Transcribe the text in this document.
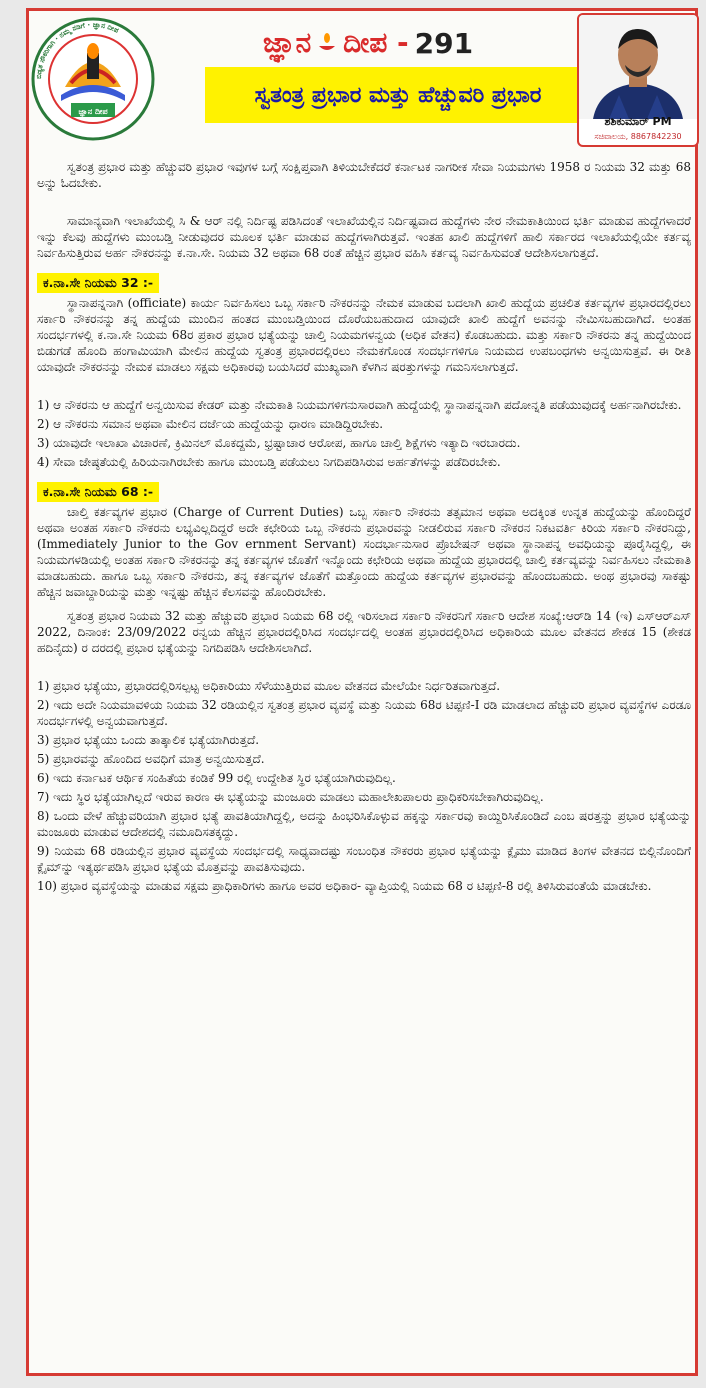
ಜ್ಞಾನ ದೀಪ
ಬಿಡ್ಯತ ನೌಕರಿಗಾಗಿ · ನಮ್ಮ ನಡಿಗೆ · ಜ್ಞಾನ ದೀಪ	ಜ್ಞಾನ ದೀಪ - 291
ಸ್ವತಂತ್ರ ಪ್ರಭಾರ ಮತ್ತು ಹೆಚ್ಚುವರಿ ಪ್ರಭಾರ
ಶಶಿಕುಮಾರ್ PM
ಸಚಿವಾಲಯ, 8867842230

ಸ್ವತಂತ್ರ ಪ್ರಭಾರ ಮತ್ತು ಹೆಚ್ಚುವರಿ ಪ್ರಭಾರ ಇವುಗಳ ಬಗ್ಗೆ ಸಂಕ್ಷಿಪ್ತವಾಗಿ ತಿಳಿಯಬೇಕೆದರೆ ಕರ್ನಾಟಕ ನಾಗರೀಕ ಸೇವಾ ನಿಯಮಗಳು 1958 ರ ನಿಯಮ 32 ಮತ್ತು 68 ಅನ್ನು ಓದಬೇಕು.

ಸಾಮಾನ್ಯವಾಗಿ ಇಲಾಖೆಯಲ್ಲಿ ಸಿ & ಆರ್ ನಲ್ಲಿ ನಿರ್ದಿಷ್ಟ ಪಡಿಸಿದಂತೆ ಇಲಾಖೆಯಲ್ಲಿನ ನಿರ್ದಿಷ್ಟವಾದ ಹುದ್ದೆಗಳು ನೇರ ನೇಮಕಾತಿಯಿಂದ ಭರ್ತಿ ಮಾಡುವ ಹುದ್ದೆಗಳಾದರೆ ಇನ್ನು ಕೆಲವು ಹುದ್ದೆಗಳು ಮುಂಬಡ್ತಿ ನೀಡುವುದರ ಮೂಲಕ ಭರ್ತಿ ಮಾಡುವ ಹುದ್ದೆಗಳಾಗಿರುತ್ತವೆ. ಇಂತಹ ಖಾಲಿ ಹುದ್ದೆಗಳಿಗೆ ಹಾಲಿ ಸರ್ಕಾರದ ಇಲಾಖೆಯಲ್ಲಿಯೇ ಕರ್ತವ್ಯ ನಿರ್ವಹಿಸುತ್ತಿರುವ ಅರ್ಹ ನೌಕರನನ್ನು ಕ.ನಾ.ಸೇ. ನಿಯಮ 32 ಅಥವಾ 68 ರಂತೆ ಹೆಚ್ಚಿನ ಪ್ರಭಾರ ವಹಿಸಿ ಕರ್ತವ್ಯ ನಿರ್ವಹಿಸುವಂತೆ ಆದೇಶಿಸಲಾಗುತ್ತದೆ.

ಕ.ನಾ.ಸೇ ನಿಯಮ 32 :-

ಸ್ಥಾನಾಪನ್ನನಾಗಿ (officiate) ಕಾರ್ಯ ನಿರ್ವಹಿಸಲು ಒಬ್ಬ ಸರ್ಕಾರಿ ನೌಕರನನ್ನು ನೇಮಕ ಮಾಡುವ ಬದಲಾಗಿ ಖಾಲಿ ಹುದ್ದೆಯ ಪ್ರಚಲಿತ ಕರ್ತವ್ಯಗಳ ಪ್ರಭಾರದಲ್ಲಿರಲು ಸರ್ಕಾರಿ ನೌಕರನನ್ನು ತನ್ನ ಹುದ್ದೆಯ ಮುಂದಿನ ಹಂತದ ಮುಂಬಡ್ತಿಯಿಂದ ದೊರೆಯಬಹುದಾದ ಯಾವುದೇ ಖಾಲಿ ಹುದ್ದೆಗೆ ಅವನನ್ನು ನೇಮಿಸಬಹುದಾಗಿದೆ. ಅಂತಹ ಸಂದರ್ಭಗಳಲ್ಲಿ ಕ.ನಾ.ಸೇ ನಿಯಮ 68ರ ಪ್ರಕಾರ ಪ್ರಭಾರ ಭತ್ಯೆಯನ್ನು ಚಾಲ್ತಿ ನಿಯಮಗಳನ್ವಯ (ಅಧಿಕ ವೇತನ) ಕೊಡಬಹುದು. ಮತ್ತು ಸರ್ಕಾರಿ ನೌಕರನು ತನ್ನ ಹುದ್ದೆಯಿಂದ ಬಿಡುಗಡೆ ಹೊಂದಿ ಹಂಗಾಮಿಯಾಗಿ ಮೇಲಿನ ಹುದ್ದೆಯ ಸ್ವತಂತ್ರ ಪ್ರಭಾರದಲ್ಲಿರಲು ನೇಮಕಗೊಂಡ ಸಂದರ್ಭಗಳಿಗೂ ನಿಯಮದ ಉಪಬಂಧಗಳು ಅನ್ವಯಿಸುತ್ತವೆ. ಈ ರೀತಿ ಯಾವುದೇ ನೌಕರನನ್ನು ನೇಮಕ ಮಾಡಲು ಸಕ್ಷಮ ಅಧಿಕಾರವು ಬಯಸಿದರೆ ಮುಖ್ಯವಾಗಿ ಕೆಳಗಿನ ಷರತ್ತುಗಳನ್ನು ಗಮನಿಸಲಾಗುತ್ತದೆ.

1) ಆ ನೌಕರನು ಆ ಹುದ್ದೆಗೆ ಅನ್ವಯಿಸುವ ಕೇಡರ್ ಮತ್ತು ನೇಮಕಾತಿ ನಿಯಮಗಳಿಗನುಸಾರವಾಗಿ ಹುದ್ದೆಯಲ್ಲಿ ಸ್ಥಾನಾಪನ್ನನಾಗಿ ಪದೋನ್ನತಿ ಪಡೆಯುವುದಕ್ಕೆ ಅರ್ಹನಾಗಿರಬೇಕು.
2) ಆ ನೌಕರನು ಸಮಾನ ಅಥವಾ ಮೇಲಿನ ದರ್ಜೆಯ ಹುದ್ದೆಯನ್ನು ಧಾರಣ ಮಾಡಿದ್ದಿರಬೇಕು.
3) ಯಾವುದೇ ಇಲಾಖಾ ವಿಚಾರಣೆ, ಕ್ರಿಮಿನಲ್ ಮೊಕದ್ದಮೆ, ಭ್ರಷ್ಟಾಚಾರ ಆರೋಪ, ಹಾಗೂ ಚಾಲ್ತಿ ಶಿಕ್ಷೆಗಳು ಇತ್ಯಾದಿ ಇರಬಾರದು.
4) ಸೇವಾ ಜೇಷ್ಠತೆಯಲ್ಲಿ ಹಿರಿಯನಾಗಿರಬೇಕು ಹಾಗೂ ಮುಂಬಡ್ತಿ ಪಡೆಯಲು ನಿಗದಿಪಡಿಸಿರುವ ಅರ್ಹತೆಗಳನ್ನು ಪಡೆದಿರಬೇಕು.
ಕ.ನಾ.ಸೇ ನಿಯಮ 68 :-

ಚಾಲ್ತಿ ಕರ್ತವ್ಯಗಳ ಪ್ರಭಾರ (Charge of Current Duties) ಒಬ್ಬ ಸರ್ಕಾರಿ ನೌಕರನು ತತ್ಸಮಾನ ಅಥವಾ ಅದಕ್ಕಿಂತ ಉನ್ನತ ಹುದ್ದೆಯನ್ನು ಹೊಂದಿದ್ದರೆ ಅಥವಾ ಅಂತಹ ಸರ್ಕಾರಿ ನೌಕರನು ಲಭ್ಯವಿಲ್ಲದಿದ್ದರೆ ಅದೇ ಕಛೇರಿಯ ಒಬ್ಬ ನೌಕರನು ಪ್ರಭಾರವನ್ನು ನೀಡಲಿರುವ ಸರ್ಕಾರಿ ನೌಕರನ ನಿಕಟವರ್ತಿ ಕಿರಿಯ ಸರ್ಕಾರಿ ನೌಕರನಿದ್ದು, (Immediately Junior to the Gov ernment Servant) ಸಂದರ್ಭಾನುಸಾರ ಪ್ರೊಬೇಷನ್ ಅಥವಾ ಸ್ಥಾನಾಪನ್ನ ಅವಧಿಯನ್ನು ಪೂರೈಸಿದ್ದಲ್ಲಿ, ಈ ನಿಯಮಗಳಡಿಯಲ್ಲಿ ಅಂತಹ ಸರ್ಕಾರಿ ನೌಕರನನ್ನು ತನ್ನ ಕರ್ತವ್ಯಗಳ ಜೊತೆಗೆ ಇನ್ನೊಂದು ಕಛೇರಿಯ ಅಥವಾ ಹುದ್ದೆಯ ಪ್ರಭಾರದಲ್ಲಿ ಚಾಲ್ತಿ ಕರ್ತವ್ಯವನ್ನು ನಿರ್ವಹಿಸಲು ನೇಮಕಾತಿ ಮಾಡಬಹುದು. ಹಾಗೂ ಒಬ್ಬ ಸರ್ಕಾರಿ ನೌಕರನು, ತನ್ನ ಕರ್ತವ್ಯಗಳ ಜೊತೆಗೆ ಮತ್ತೊಂದು ಹುದ್ದೆಯ ಕರ್ತವ್ಯಗಳ ಪ್ರಭಾರವನ್ನು ಹೊಂದಬಹುದು. ಅಂಥ ಪ್ರಭಾರವು ಸಾಕಷ್ಟು ಹೆಚ್ಚಿನ ಜವಾಬ್ದಾರಿಯನ್ನು ಮತ್ತು ಇನ್ನಷ್ಟು ಹೆಚ್ಚಿನ ಕೆಲಸವನ್ನು ಹೊಂದಿರಬೇಕು.

ಸ್ವತಂತ್ರ ಪ್ರಭಾರ ನಿಯಮ 32 ಮತ್ತು ಹೆಚ್ಚುವರಿ ಪ್ರಭಾರ ನಿಯಮ 68 ರಲ್ಲಿ ಇರಿಸಲಾದ ಸರ್ಕಾರಿ ನೌಕರನಿಗೆ ಸರ್ಕಾರಿ ಆದೇಶ ಸಂಖ್ಯೆ:ಆರ್‌ಡಿ 14 (ಇ) ಎಸ್‌ಆರ್‌ಎಸ್ 2022, ದಿನಾಂಕ: 23/09/2022 ರನ್ವಯ ಹೆಚ್ಚಿನ ಪ್ರಭಾರದಲ್ಲಿರಿಸಿದ ಸಂದರ್ಭದಲ್ಲಿ ಅಂತಹ ಪ್ರಭಾರದಲ್ಲಿರಿಸಿದ ಅಧಿಕಾರಿಯ ಮೂಲ ವೇತನದ ಶೇಕಡ 15 (ಶೇಕಡ ಹದಿನೈದು) ರ ದರದಲ್ಲಿ ಪ್ರಭಾರ ಭತ್ಯೆಯನ್ನು ನಿಗದಿಪಡಿಸಿ ಆದೇಶಿಸಲಾಗಿದೆ.

1) ಪ್ರಭಾರ ಭತ್ಯೆಯು, ಪ್ರಭಾರದಲ್ಲಿರಿಸಲ್ಪಟ್ಟ ಅಧಿಕಾರಿಯು ಸೆಳೆಯುತ್ತಿರುವ ಮೂಲ ವೇತನದ ಮೇಲೆಯೇ ನಿರ್ಧರಿತವಾಗುತ್ತದೆ.
2) ಇದು ಅದೇ ನಿಯಮಾವಳಿಯ ನಿಯಮ 32 ರಡಿಯಲ್ಲಿನ ಸ್ವತಂತ್ರ ಪ್ರಭಾರ ವ್ಯವಸ್ಥೆ ಮತ್ತು ನಿಯಮ 68ರ ಟಿಪ್ಪಣಿ-I ರಡಿ ಮಾಡಲಾದ ಹೆಚ್ಚುವರಿ ಪ್ರಭಾರ ವ್ಯವಸ್ಥೆಗಳ ಎರಡೂ ಸಂದರ್ಭಗಳಲ್ಲಿ ಅನ್ವಯವಾಗುತ್ತದೆ.
3) ಪ್ರಭಾರ ಭತ್ಯೆಯು ಒಂದು ತಾತ್ಕಾಲಿಕ ಭತ್ಯೆಯಾಗಿರುತ್ತದೆ.
5) ಪ್ರಭಾರವನ್ನು ಹೊಂದಿದ ಅವಧಿಗೆ ಮಾತ್ರ ಅನ್ವಯಿಸುತ್ತದೆ.
6) ಇದು ಕರ್ನಾಟಕ ಆರ್ಥಿಕ ಸಂಹಿತೆಯ ಕಂಡಿಕೆ 99 ರಲ್ಲಿ ಉದ್ದೇಶಿತ ಸ್ಥಿರ ಭತ್ಯೆಯಾಗಿರುವುದಿಲ್ಲ.
7) ಇದು ಸ್ಥಿರ ಭತ್ಯೆಯಾಗಿಲ್ಲದೆ ಇರುವ ಕಾರಣ ಈ ಭತ್ಯೆಯನ್ನು ಮಂಜೂರು ಮಾಡಲು ಮಹಾಲೇಖಪಾಲರು ಪ್ರಾಧಿಕರಿಸಬೇಕಾಗಿರುವುದಿಲ್ಲ.
8) ಒಂದು ವೇಳೆ ಹೆಚ್ಚುವರಿಯಾಗಿ ಪ್ರಭಾರ ಭತ್ಯೆ ಪಾವತಿಯಾಗಿದ್ದಲ್ಲಿ, ಅದನ್ನು ಹಿಂಭರಿಸಿಕೊಳ್ಳುವ ಹಕ್ಕನ್ನು ಸರ್ಕಾರವು ಕಾಯ್ದಿರಿಸಿಕೊಂಡಿದೆ ಎಂಬ ಷರತ್ತನ್ನು ಪ್ರಭಾರ ಭತ್ಯೆಯನ್ನು ಮಂಜೂರು ಮಾಡುವ ಆದೇಶದಲ್ಲಿ ನಮೂದಿಸತಕ್ಕದ್ದು.
9) ನಿಯಮ 68 ರಡಿಯಲ್ಲಿನ ಪ್ರಭಾರ ವ್ಯವಸ್ಥೆಯ ಸಂದರ್ಭದಲ್ಲಿ ಸಾಧ್ಯವಾದಷ್ಟು ಸಂಬಂಧಿತ ನೌಕರರು ಪ್ರಭಾರ ಭತ್ಯೆಯನ್ನು ಕ್ಲೈಮು ಮಾಡಿದ ತಿಂಗಳ ವೇತನದ ಬಿಲ್ಲಿನೊಂದಿಗೆ ಕ್ಲೈಮ್‌ನ್ನು ಇತ್ಯರ್ಥಪಡಿಸಿ ಪ್ರಭಾರ ಭತ್ಯೆಯ ಮೊತ್ತವನ್ನು ಪಾವತಿಸುವುದು.
10) ಪ್ರಭಾರ ವ್ಯವಸ್ಥೆಯನ್ನು ಮಾಡುವ ಸಕ್ಷಮ ಪ್ರಾಧಿಕಾರಿಗಳು ಹಾಗೂ ಅವರ ಅಧಿಕಾರ- ವ್ಯಾಪ್ತಿಯಲ್ಲಿ ನಿಯಮ 68 ರ ಟಿಪ್ಪಣಿ-8 ರಲ್ಲಿ ತಿಳಿಸಿರುವಂತೆಯೆ ಮಾಡಬೇಕು.
